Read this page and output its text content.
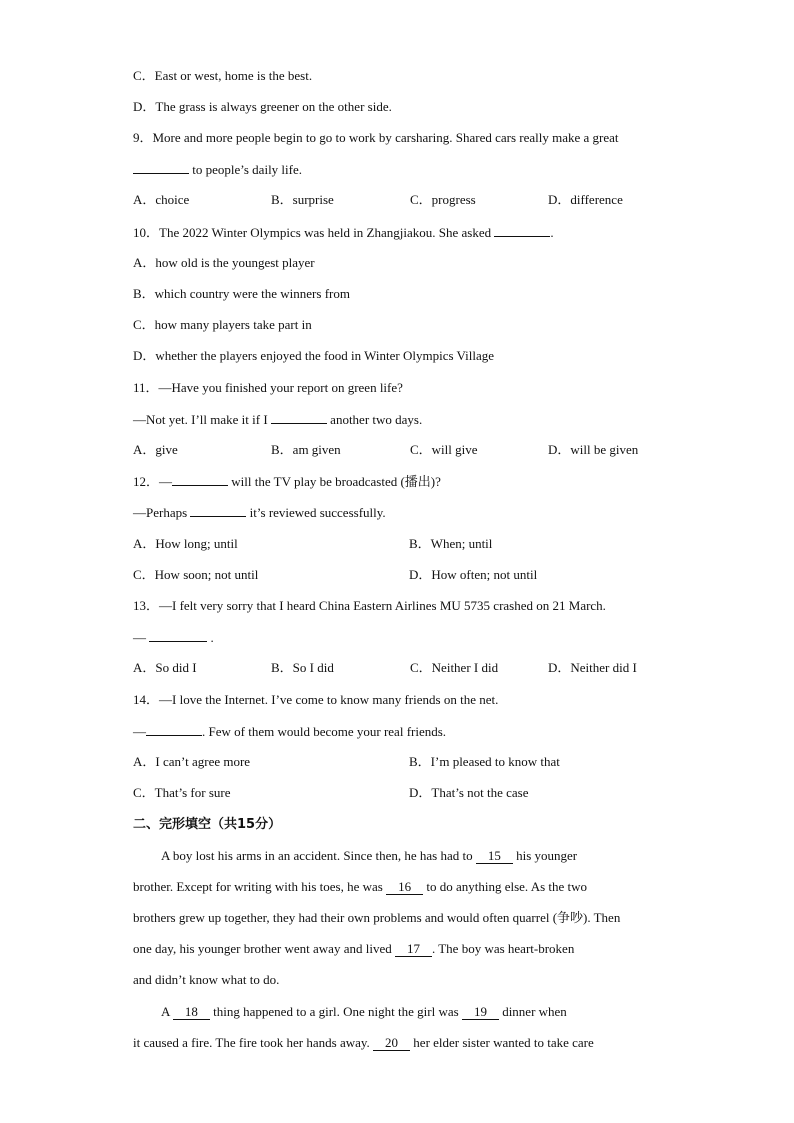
C．East or west, home is the best.
D．The grass is always greener on the other side.
9．More and more people begin to go to work by carsharing. Shared cars really make a great
to people’s daily life.
A．choice	B．surprise	C．progress	D．difference
10．The 2022 Winter Olympics was held in Zhangjiakou. She asked	.
A．how old is the youngest player
B．which country were the winners from
C．how many players take part in
D．whether the players enjoyed the food in Winter Olympics Village
11．—Have you finished your report on green life?
—Not yet. I’ll make it if I	another two days.
A．give	B．am given	C．will give	D．will be given
12．—	will the TV play be broadcasted (播出)?
—Perhaps	it’s reviewed successfully.
A．How long; until	B．When; until
C．How soon; not until	D．How often; not until
13．—I felt very sorry that I heard China Eastern Airlines MU 5735 crashed on 21 March.
—	.
A．So did I	B．So I did	C．Neither I did	D．Neither did I
14．—I love the Internet. I’ve come to know many friends on the net.
—	. Few of them would become your real friends.
A．I can’t agree more	B．I’m pleased to know that
C．That’s for sure	D．That’s not the case
二、完形填空（共15分）
A boy lost his arms in an accident. Since then, he has had to 15 his younger
brother. Except for writing with his toes, he was 16 to do anything else. As the two
brothers grew up together, they had their own problems and would often quarrel (争吵). Then
one day, his younger brother went away and lived 17 . The boy was heart-broken
and didn’t know what to do.
A 18 thing happened to a girl. One night the girl was 19 dinner when
it caused a fire. The fire took her hands away. 20 her elder sister wanted to take care
